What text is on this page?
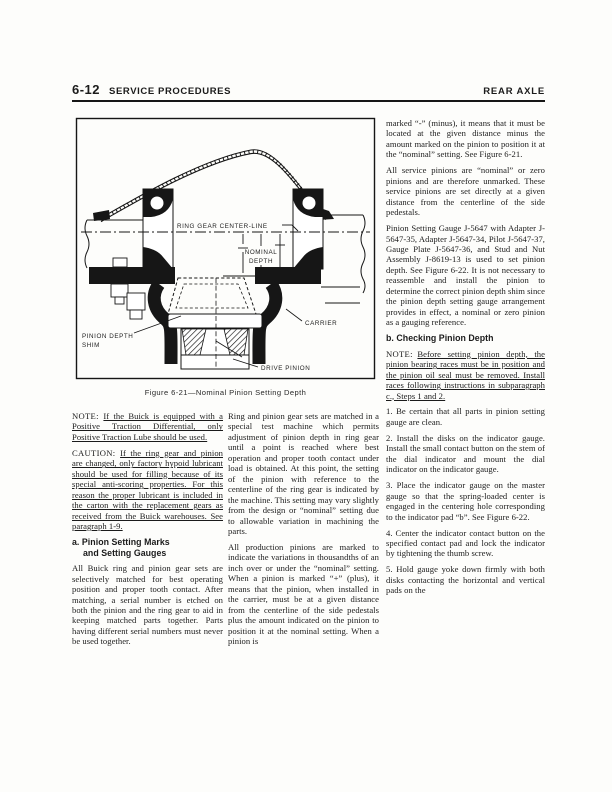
6-12 SERVICE PROCEDURES	REAR AXLE
RING GEAR CENTER-LINE
NOMINAL
DEPTH
PINION DEPTH
SHIM
CARRIER
DRIVE PINION
Figure 6-21—Nominal Pinion Setting Depth

NOTE: If the Buick is equipped with a Positive Traction Differential, only Positive Traction Lube should be used.

CAUTION: If the ring gear and pinion are changed, only factory hypoid lubricant should be used for filling because of its special anti-scoring properties. For this reason the proper lubricant is included in the carton with the replacement gears as received from the Buick warehouses. See paragraph 1-9.

a. Pinion Setting Marks
and Setting Gauges

All Buick ring and pinion gear sets are selectively matched for best operating position and proper tooth contact. After matching, a serial number is etched on both the pinion and the ring gear to aid in keeping matched parts together. Parts having different serial numbers must never be used together.

Ring and pinion gear sets are matched in a special test machine which permits adjustment of pinion depth in ring gear until a point is reached where best operation and proper tooth contact under load is obtained. At this point, the setting of the pinion with reference to the centerline of the ring gear is indicated by the machine. This setting may vary slightly from the design or “nominal” setting due to allowable variation in machining the parts.

All production pinions are marked to indicate the variations in thousandths of an inch over or under the “nominal” setting. When a pinion is marked “+” (plus), it means that the pinion, when installed in the carrier, must be at a given distance from the centerline of the side pedestals plus the amount indicated on the pinion to position it at the nominal setting. When a pinion is

marked “-” (minus), it means that it must be located at the given distance minus the amount marked on the pinion to position it at the “nominal” setting. See Figure 6-21.

All service pinions are “nominal” or zero pinions and are therefore unmarked. These service pinions are set directly at a given distance from the centerline of the side pedestals.

Pinion Setting Gauge J-5647 with Adapter J-5647-35, Adapter J-5647-34, Pilot J-5647-37, Gauge Plate J-5647-36, and Stud and Nut Assembly J-8619-13 is used to set pinion depth. See Figure 6-22. It is not necessary to reassemble and install the pinion to determine the correct pinion depth shim since the pinion depth setting gauge arrangement provides in effect, a nominal or zero pinion as a gauging reference.

b. Checking Pinion Depth

NOTE: Before setting pinion depth, the pinion bearing races must be in position and the pinion oil seal must be removed. Install races following instructions in subparagraph c., Steps 1 and 2.

1. Be certain that all parts in pinion setting gauge are clean.

2. Install the disks on the indicator gauge. Install the small contact button on the stem of the dial indicator and mount the dial indicator on the indicator gauge.

3. Place the indicator gauge on the master gauge so that the spring-loaded center is engaged in the centering hole corresponding to the indicator pad “b”. See Figure 6-22.

4. Center the indicator contact button on the specified contact pad and lock the indicator by tightening the thumb screw.

5. Hold gauge yoke down firmly with both disks contacting the horizontal and vertical pads on the
